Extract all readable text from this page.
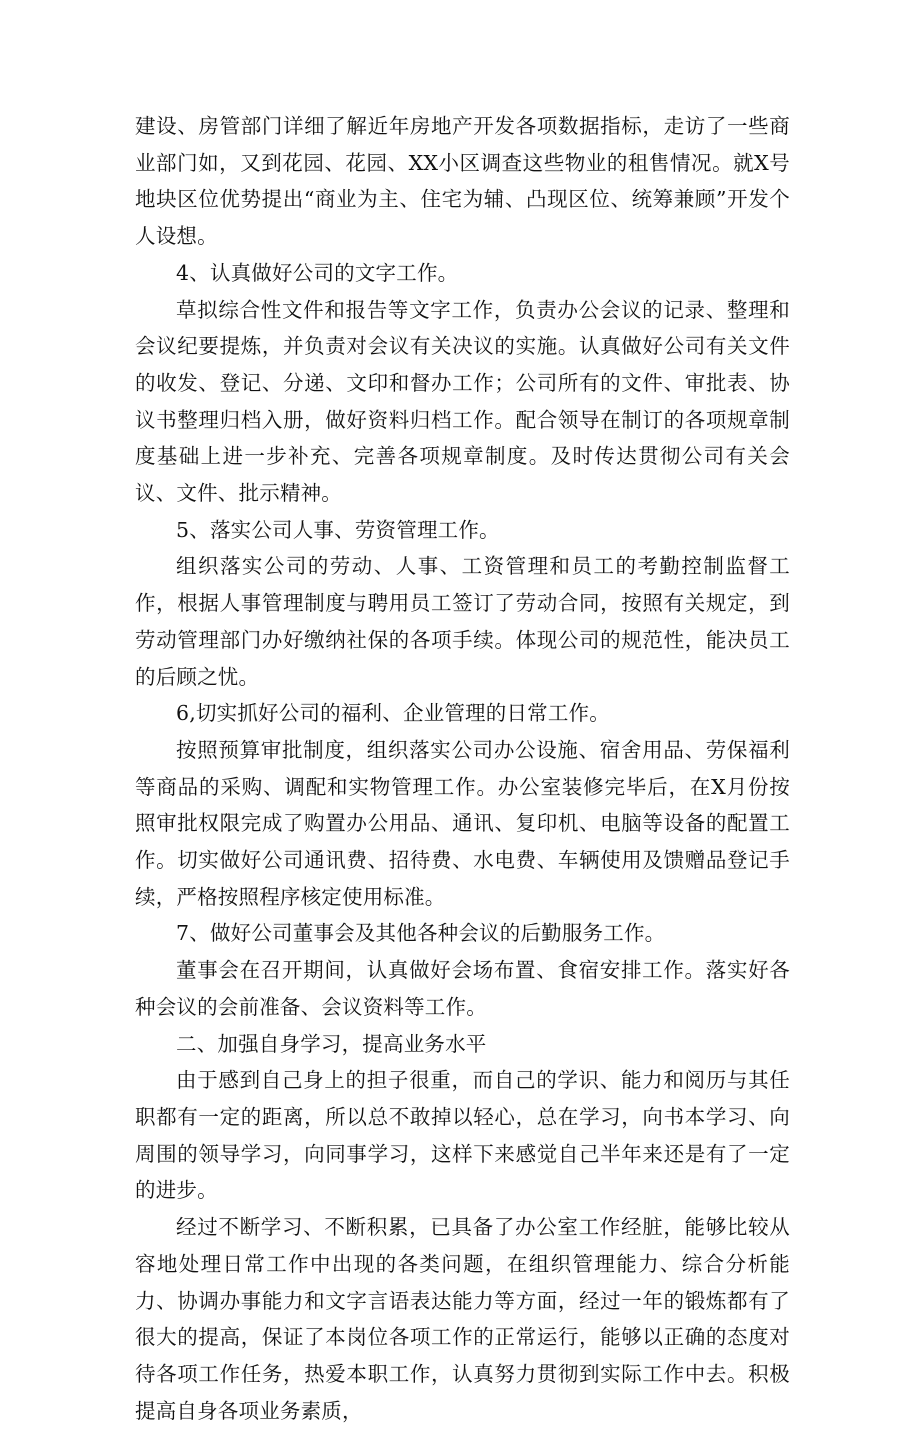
建设、房管部门详细了解近年房地产开发各项数据指标，走访了一些商业部门如，又到花园、花园、XX小区调查这些物业的租售情况。就X号地块区位优势提出“商业为主、住宅为辅、凸现区位、统筹兼顾”开发个人设想。

4、认真做好公司的文字工作。

草拟综合性文件和报告等文字工作，负责办公会议的记录、整理和会议纪要提炼，并负责对会议有关决议的实施。认真做好公司有关文件的收发、登记、分递、文印和督办工作；公司所有的文件、审批表、协议书整理归档入册，做好资料归档工作。配合领导在制订的各项规章制度基础上进一步补充、完善各项规章制度。及时传达贯彻公司有关会议、文件、批示精神。

5、落实公司人事、劳资管理工作。

组织落实公司的劳动、人事、工资管理和员工的考勤控制监督工作，根据人事管理制度与聘用员工签订了劳动合同，按照有关规定，到劳动管理部门办好缴纳社保的各项手续。体现公司的规范性，能决员工的后顾之忧。

6,切实抓好公司的福利、企业管理的日常工作。

按照预算审批制度，组织落实公司办公设施、宿舍用品、劳保福利等商品的采购、调配和实物管理工作。办公室装修完毕后，在X月份按照审批权限完成了购置办公用品、通讯、复印机、电脑等设备的配置工作。切实做好公司通讯费、招待费、水电费、车辆使用及馈赠品登记手续，严格按照程序核定使用标准。

7、做好公司董事会及其他各种会议的后勤服务工作。

董事会在召开期间，认真做好会场布置、食宿安排工作。落实好各种会议的会前准备、会议资料等工作。

二、加强自身学习，提高业务水平

由于感到自己身上的担子很重，而自己的学识、能力和阅历与其任职都有一定的距离，所以总不敢掉以轻心，总在学习，向书本学习、向周围的领导学习，向同事学习，这样下来感觉自己半年来还是有了一定的进步。

经过不断学习、不断积累，已具备了办公室工作经脏，能够比较从容地处理日常工作中出现的各类问题，在组织管理能力、综合分析能力、协调办事能力和文字言语表达能力等方面，经过一年的锻炼都有了很大的提高，保证了本岗位各项工作的正常运行，能够以正确的态度对待各项工作任务，热爱本职工作，认真努力贯彻到实际工作中去。积极提高自身各项业务素质，
